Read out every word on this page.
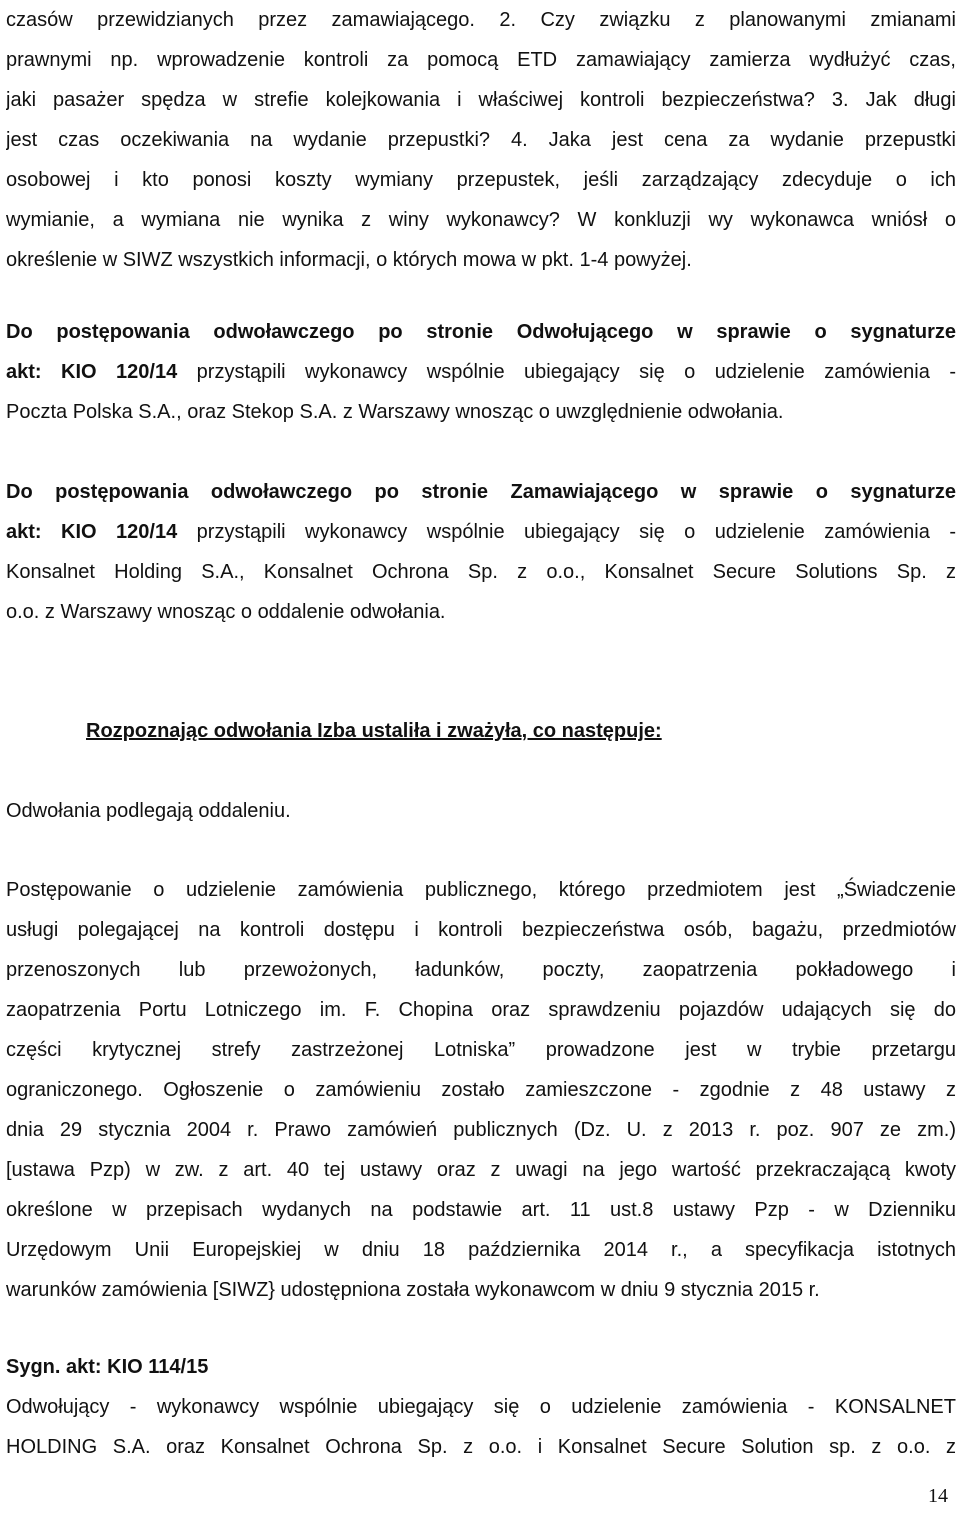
czasów przewidzianych przez zamawiającego. 2. Czy związku z planowanymi zmianami
prawnymi np. wprowadzenie kontroli za pomocą ETD zamawiający zamierza wydłużyć czas,
jaki pasażer spędza w strefie kolejkowania i właściwej kontroli bezpieczeństwa? 3. Jak długi
jest czas oczekiwania na wydanie przepustki? 4. Jaka jest cena za wydanie przepustki
osobowej i kto ponosi koszty wymiany przepustek, jeśli zarządzający zdecyduje o ich
wymianie, a wymiana nie wynika z winy wykonawcy? W konkluzji wy wykonawca wniósł o
określenie w SIWZ wszystkich informacji, o których mowa w pkt. 1-4 powyżej.
Do postępowania odwoławczego po stronie Odwołującego w sprawie o sygnaturze
akt: KIO 120/14 przystąpili wykonawcy wspólnie ubiegający się o udzielenie zamówienia -
Poczta Polska S.A., oraz Stekop S.A. z Warszawy wnosząc o uwzględnienie odwołania.
Do postępowania odwoławczego po stronie Zamawiającego w sprawie o sygnaturze
akt: KIO 120/14 przystąpili wykonawcy wspólnie ubiegający się o udzielenie zamówienia -
Konsalnet Holding S.A., Konsalnet Ochrona Sp. z o.o., Konsalnet Secure Solutions Sp. z
o.o. z Warszawy wnosząc o oddalenie odwołania.
Rozpoznając odwołania Izba ustaliła i zważyła, co następuje:
Odwołania podlegają oddaleniu.
Postępowanie o udzielenie zamówienia publicznego, którego przedmiotem jest „Świadczenie
usługi polegającej na kontroli dostępu i kontroli bezpieczeństwa osób, bagażu, przedmiotów
przenoszonych lub przewożonych, ładunków, poczty, zaopatrzenia pokładowego i
zaopatrzenia Portu Lotniczego im. F. Chopina oraz sprawdzeniu pojazdów udających się do
części krytycznej strefy zastrzeżonej Lotniska” prowadzone jest w trybie przetargu
ograniczonego. Ogłoszenie o zamówieniu zostało zamieszczone - zgodnie z 48 ustawy z
dnia 29 stycznia 2004 r. Prawo zamówień publicznych (Dz. U. z 2013 r. poz. 907 ze zm.)
[ustawa Pzp) w zw. z art. 40 tej ustawy oraz z uwagi na jego wartość przekraczającą kwoty
określone w przepisach wydanych na podstawie art. 11 ust.8 ustawy Pzp - w Dzienniku
Urzędowym Unii Europejskiej w dniu 18 października 2014 r., a specyfikacja istotnych
warunków zamówienia [SIWZ} udostępniona została wykonawcom w dniu 9 stycznia 2015 r.
Sygn. akt: KIO 114/15
Odwołujący - wykonawcy wspólnie ubiegający się o udzielenie zamówienia - KONSALNET
HOLDING S.A. oraz Konsalnet Ochrona Sp. z o.o. i Konsalnet Secure Solution sp. z o.o. z
14
